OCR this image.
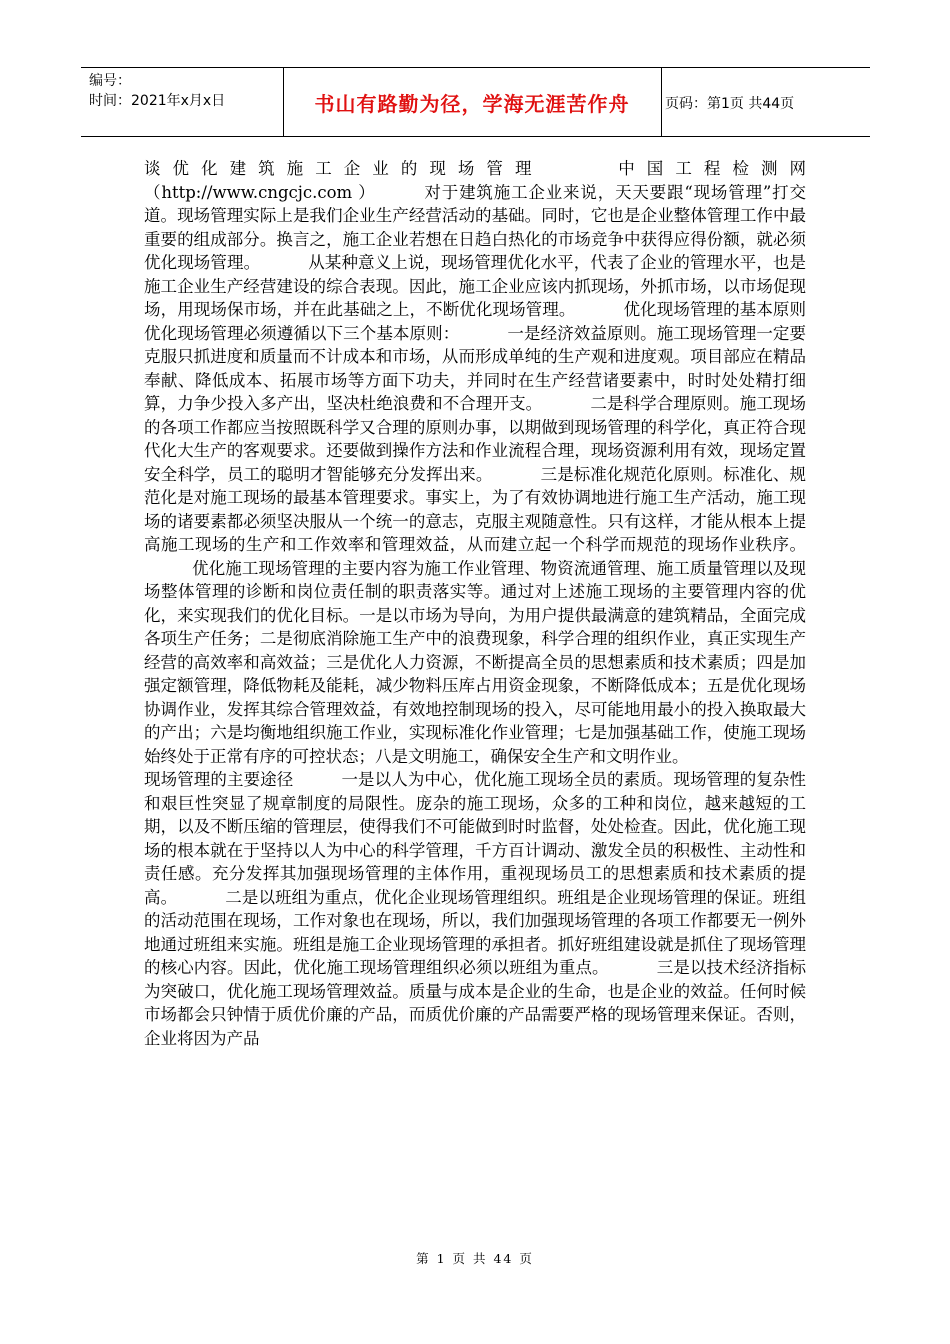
编号：
时间：2021年x月x日	书山有路勤为径，学海无涯苦作舟	页码：第1页 共44页

谈 优 化 建 筑 施 工 企 业 的 现 场 管 理	中 国 工 程 检 测 网 （http://www.cngcjc.com ）	对于建筑施工企业来说，天天要跟“现场管理”打交道。现场管理实际上是我们企业生产经营活动的基础。同时，它也是企业整体管理工作中最重要的组成部分。换言之，施工企业若想在日趋白热化的市场竞争中获得应得份额，就必须优化现场管理。	从某种意义上说，现场管理优化水平，代表了企业的管理水平，也是施工企业生产经营建设的综合表现。因此，施工企业应该内抓现场，外抓市场，以市场促现场，用现场保市场，并在此基础之上，不断优化现场管理。	优化现场管理的基本原则优化现场管理必须遵循以下三个基本原则：	一是经济效益原则。施工现场管理一定要克服只抓进度和质量而不计成本和市场，从而形成单纯的生产观和进度观。项目部应在精品奉献、降低成本、拓展市场等方面下功夫，并同时在生产经营诸要素中，时时处处精打细算，力争少投入多产出，坚决杜绝浪费和不合理开支。	二是科学合理原则。施工现场的各项工作都应当按照既科学又合理的原则办事，以期做到现场管理的科学化，真正符合现代化大生产的客观要求。还要做到操作方法和作业流程合理，现场资源利用有效，现场定置安全科学，员工的聪明才智能够充分发挥出来。	三是标准化规范化原则。标准化、规范化是对施工现场的最基本管理要求。事实上，为了有效协调地进行施工生产活动，施工现场的诸要素都必须坚决服从一个统一的意志，克服主观随意性。只有这样，才能从根本上提高施工现场的生产和工作效率和管理效益，从而建立起一个科学而规范的现场作业秩序。优化施工现场管理的主要内容为施工作业管理、物资流通管理、施工质量管理以及现场整体管理的诊断和岗位责任制的职责落实等。通过对上述施工现场的主要管理内容的优化，来实现我们的优化目标。一是以市场为导向，为用户提供最满意的建筑精品，全面完成各项生产任务；二是彻底消除施工生产中的浪费现象，科学合理的组织作业，真正实现生产经营的高效率和高效益；三是优化人力资源，不断提高全员的思想素质和技术素质；四是加强定额管理，降低物耗及能耗，减少物料压库占用资金现象，不断降低成本；五是优化现场协调作业，发挥其综合管理效益，有效地控制现场的投入，尽可能地用最小的投入换取最大的产出；六是均衡地组织施工作业，实现标准化作业管理；七是加强基础工作，使施工现场始终处于正常有序的可控状态；八是文明施工，确保安全生产和文明作业。

现场管理的主要途径	一是以人为中心，优化施工现场全员的素质。现场管理的复杂性和艰巨性突显了规章制度的局限性。庞杂的施工现场，众多的工种和岗位，越来越短的工期，以及不断压缩的管理层，使得我们不可能做到时时监督，处处检查。因此，优化施工现场的根本就在于坚持以人为中心的科学管理，千方百计调动、激发全员的积极性、主动性和责任感。充分发挥其加强现场管理的主体作用，重视现场员工的思想素质和技术素质的提高。	二是以班组为重点，优化企业现场管理组织。班组是企业现场管理的保证。班组的活动范围在现场，工作对象也在现场，所以，我们加强现场管理的各项工作都要无一例外地通过班组来实施。班组是施工企业现场管理的承担者。抓好班组建设就是抓住了现场管理的核心内容。因此，优化施工现场管理组织必须以班组为重点。	三是以技术经济指标为突破口，优化施工现场管理效益。质量与成本是企业的生命，也是企业的效益。任何时候市场都会只钟情于质优价廉的产品，而质优价廉的产品需要严格的现场管理来保证。否则，企业将因为产品

第 1 页 共 44 页
